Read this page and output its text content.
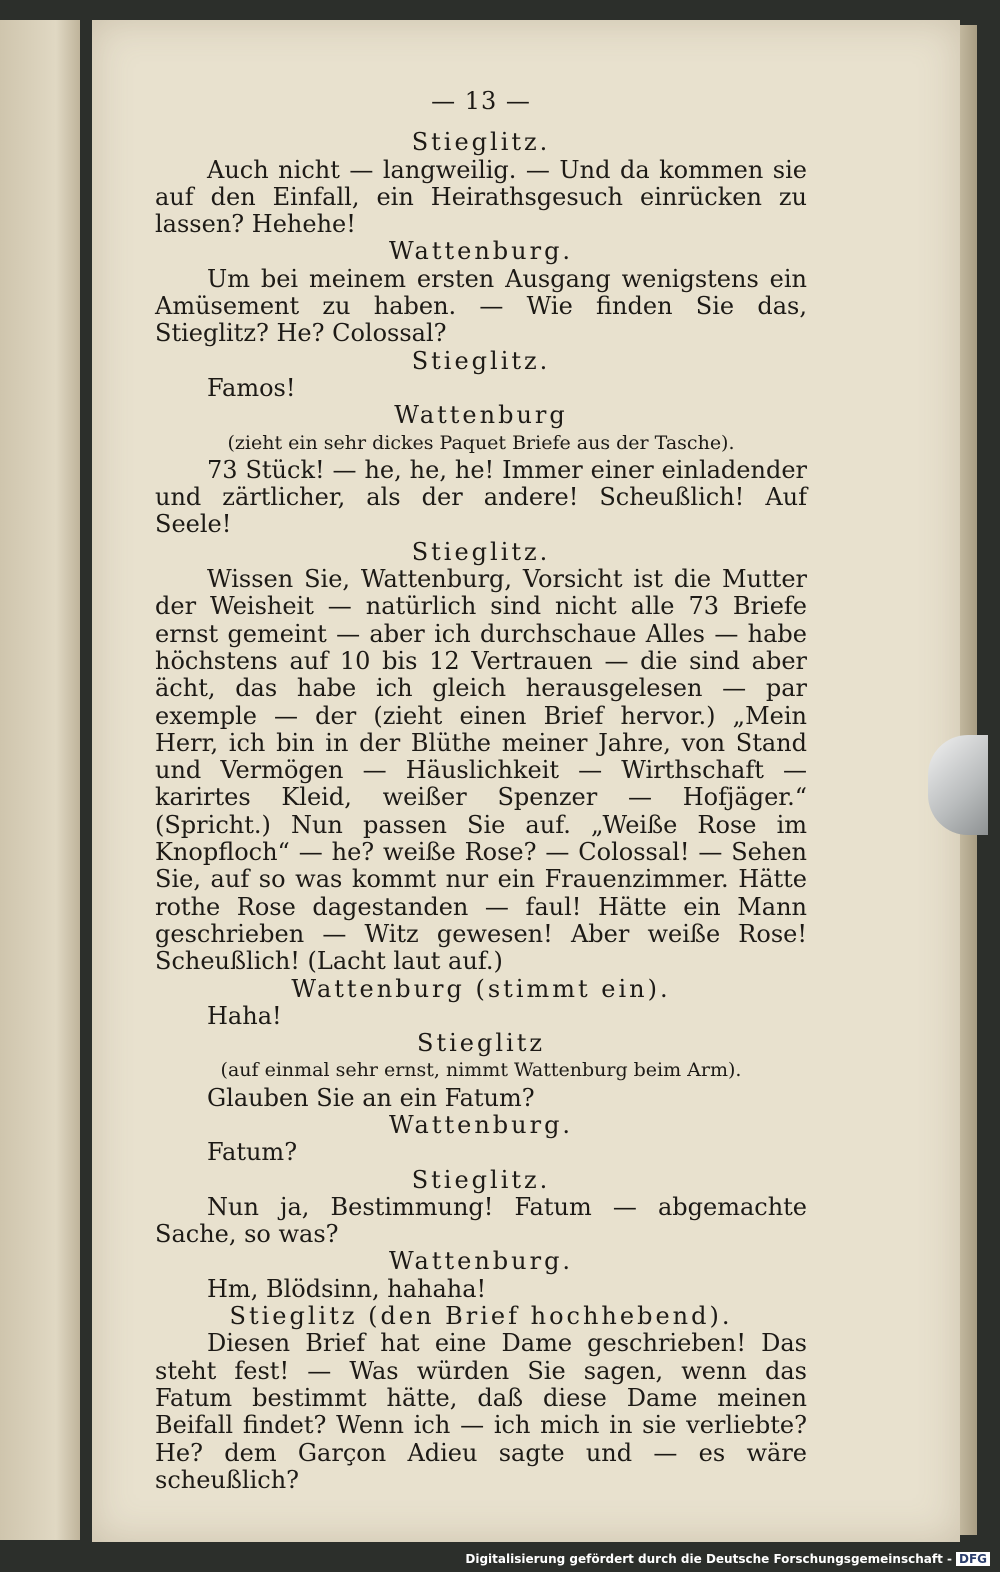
— 13 —
Stieglitz.
Auch nicht — langweilig. — Und da kommen sie auf den Einfall, ein Heirathsgesuch einrücken zu lassen? Hehehe!
Wattenburg.
Um bei meinem ersten Ausgang wenigstens ein Amüsement zu haben. — Wie finden Sie das, Stieglitz? He? Colossal?
Stieglitz.
Famos!
Wattenburg
(zieht ein sehr dickes Paquet Briefe aus der Tasche).
73 Stück! — he, he, he! Immer einer einladender und zärtlicher, als der andere! Scheußlich! Auf Seele!
Stieglitz.
Wissen Sie, Wattenburg, Vorsicht ist die Mutter der Weisheit — natürlich sind nicht alle 73 Briefe ernst gemeint — aber ich durchschaue Alles — habe höchstens auf 10 bis 12 Vertrauen — die sind aber ächt, das habe ich gleich herausgelesen — par exemple — der (zieht einen Brief hervor.) „Mein Herr, ich bin in der Blüthe meiner Jahre, von Stand und Vermögen — Häuslichkeit — Wirthschaft — karirtes Kleid, weißer Spenzer — Hofjäger.“ (Spricht.) Nun passen Sie auf. „Weiße Rose im Knopfloch“ — he? weiße Rose? — Colossal! — Sehen Sie, auf so was kommt nur ein Frauenzimmer. Hätte rothe Rose dagestanden — faul! Hätte ein Mann geschrieben — Witz gewesen! Aber weiße Rose! Scheußlich! (Lacht laut auf.)
Wattenburg (stimmt ein).
Haha!
Stieglitz
(auf einmal sehr ernst, nimmt Wattenburg beim Arm).
Glauben Sie an ein Fatum?
Wattenburg.
Fatum?
Stieglitz.
Nun ja, Bestimmung! Fatum — abgemachte Sache, so was?
Wattenburg.
Hm, Blödsinn, hahaha!
Stieglitz (den Brief hochhebend).
Diesen Brief hat eine Dame geschrieben! Das steht fest! — Was würden Sie sagen, wenn das Fatum bestimmt hätte, daß diese Dame meinen Beifall findet? Wenn ich — ich mich in sie verliebte? He? dem Garçon Adieu sagte und — es wäre scheußlich?
Digitalisierung gefördert durch die Deutsche Forschungsgemeinschaft - DFG
